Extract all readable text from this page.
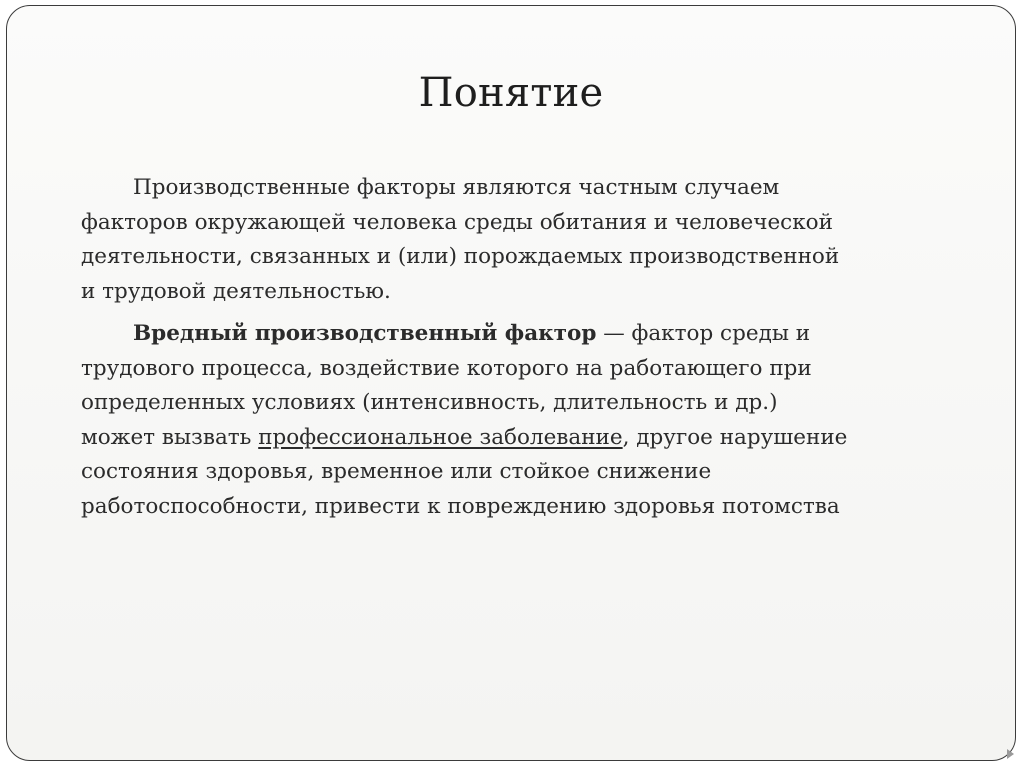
Понятие

Производственные факторы являются частным случаем
факторов окружающей человека среды обитания и человеческой
деятельности, связанных и (или) порождаемых производственной
и трудовой деятельностью.

Вредный производственный фактор — фактор среды и
трудового процесса, воздействие которого на работающего при
определенных условиях (интенсивность, длительность и др.)
может вызвать профессиональное заболевание, другое нарушение
состояния здоровья, временное или стойкое снижение
работоспособности, привести к повреждению здоровья потомства
